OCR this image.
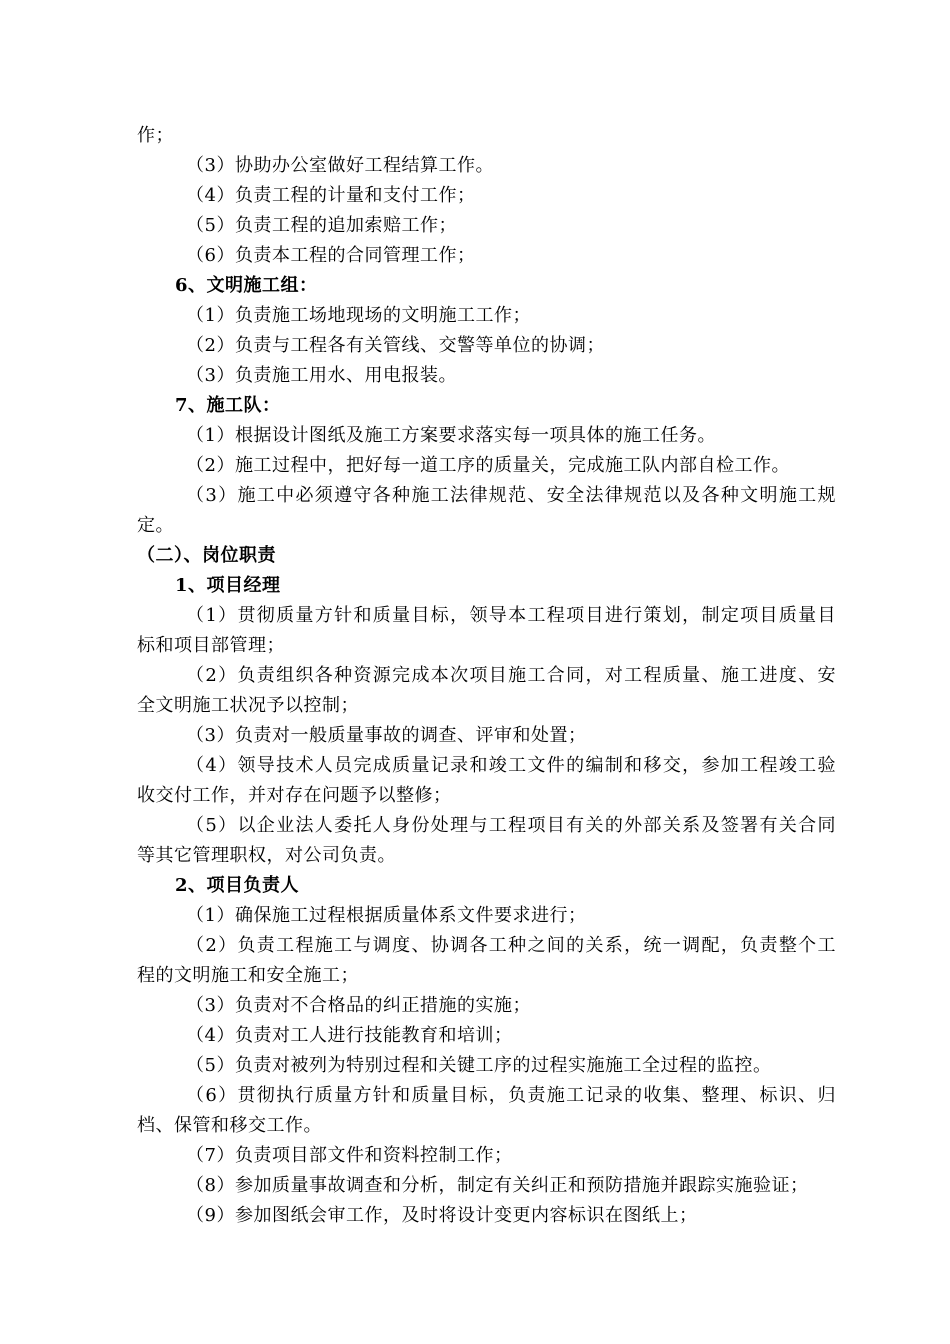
作；
（3）协助办公室做好工程结算工作。
（4）负责工程的计量和支付工作；
（5）负责工程的追加索赔工作；
（6）负责本工程的合同管理工作；
6、文明施工组：
（1）负责施工场地现场的文明施工工作；
（2）负责与工程各有关管线、交警等单位的协调；
（3）负责施工用水、用电报装。
7、施工队：
（1）根据设计图纸及施工方案要求落实每一项具体的施工任务。
（2）施工过程中，把好每一道工序的质量关，完成施工队内部自检工作。
（3）施工中必须遵守各种施工法律规范、安全法律规范以及各种文明施工规
定。
（二）、岗位职责
1、项目经理
（1）贯彻质量方针和质量目标，领导本工程项目进行策划，制定项目质量目
标和项目部管理；
（2）负责组织各种资源完成本次项目施工合同，对工程质量、施工进度、安
全文明施工状况予以控制；
（3）负责对一般质量事故的调查、评审和处置；
（4）领导技术人员完成质量记录和竣工文件的编制和移交，参加工程竣工验
收交付工作，并对存在问题予以整修；
（5）以企业法人委托人身份处理与工程项目有关的外部关系及签署有关合同
等其它管理职权，对公司负责。
2、项目负责人
（1）确保施工过程根据质量体系文件要求进行；
（2）负责工程施工与调度、协调各工种之间的关系，统一调配，负责整个工
程的文明施工和安全施工；
（3）负责对不合格品的纠正措施的实施；
（4）负责对工人进行技能教育和培训；
（5）负责对被列为特别过程和关键工序的过程实施施工全过程的监控。
（6）贯彻执行质量方针和质量目标，负责施工记录的收集、整理、标识、归
档、保管和移交工作。
（7）负责项目部文件和资料控制工作；
（8）参加质量事故调查和分析，制定有关纠正和预防措施并跟踪实施验证；
（9）参加图纸会审工作，及时将设计变更内容标识在图纸上；
